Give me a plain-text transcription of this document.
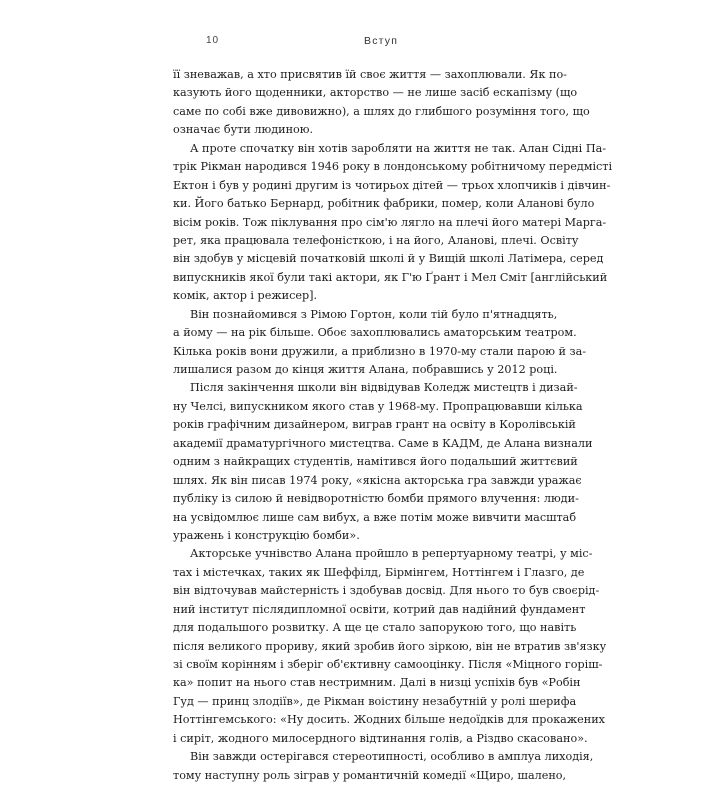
10	Вступ
її зневажав, а хто присвятив їй своє життя — захоплювали. Як по-
казують його щоденники, акторство — не лише засіб ескапізму (що
саме по собі вже дивовижно), а шлях до глибшого розуміння того, що
означає бути людиною.
А проте спочатку він хотів заробляти на життя не так. Алан Сідні Па-
трік Рікман народився 1946 року в лондонському робітничому передмісті
Ектон і був у родині другим із чотирьох дітей — трьох хлопчиків і дівчин-
ки. Його батько Бернард, робітник фабрики, помер, коли Аланові було
вісім років. Тож піклування про сім'ю лягло на плечі його матері Марга-
рет, яка працювала телефоністкою, і на його, Аланові, плечі. Освіту
він здобув у місцевій початковій школі й у Вищій школі Латімера, серед
випускників якої були такі актори, як Г'ю Ґрант і Мел Сміт [англійський
комік, актор і режисер].
Він познайомився з Рімою Гортон, коли тій було п'ятнадцять,
а йому — на рік більше. Обоє захоплювались аматорським театром.
Кілька років вони дружили, а приблизно в 1970-му стали парою й за-
лишалися разом до кінця життя Алана, побравшись у 2012 році.
Після закінчення школи він відвідував Коледж мистецтв і дизай-
ну Челсі, випускником якого став у 1968-му. Пропрацювавши кілька
років графічним дизайнером, виграв грант на освіту в Королівській
академії драматургічного мистецтва. Саме в КАДМ, де Алана визнали
одним з найкращих студентів, намітився його подальший життєвий
шлях. Як він писав 1974 року, «якісна акторська гра завжди уражає
публіку із силою й невідворотністю бомби прямого влучення: люди-
на усвідомлює лише сам вибух, а вже потім може вивчити масштаб
уражень і конструкцію бомби».
Акторське учнівство Алана пройшло в репертуарному театрі, у міс-
тах і містечках, таких як Шеффілд, Бірмінгем, Ноттінгем і Глазго, де
він відточував майстерність і здобував досвід. Для нього то був своєрід-
ний інститут післядипломної освіти, котрий дав надійний фундамент
для подальшого розвитку. А ще це стало запорукою того, що навіть
після великого прориву, який зробив його зіркою, він не втратив зв'язку
зі своїм корінням і зберіг об'єктивну самооцінку. Після «Міцного горіш-
ка» попит на нього став нестримним. Далі в низці успіхів був «Робін
Гуд — принц злодіїв», де Рікман воістину незабутній у ролі шерифа
Ноттінгемського: «Ну досить. Жодних більше недоїдків для прокажених
і сиріт, жодного милосердного відтинання голів, а Різдво скасовано».
Він завжди остерігався стереотипності, особливо в амплуа лиходія,
тому наступну роль зіграв у романтичній комедії «Щиро, шалено,
